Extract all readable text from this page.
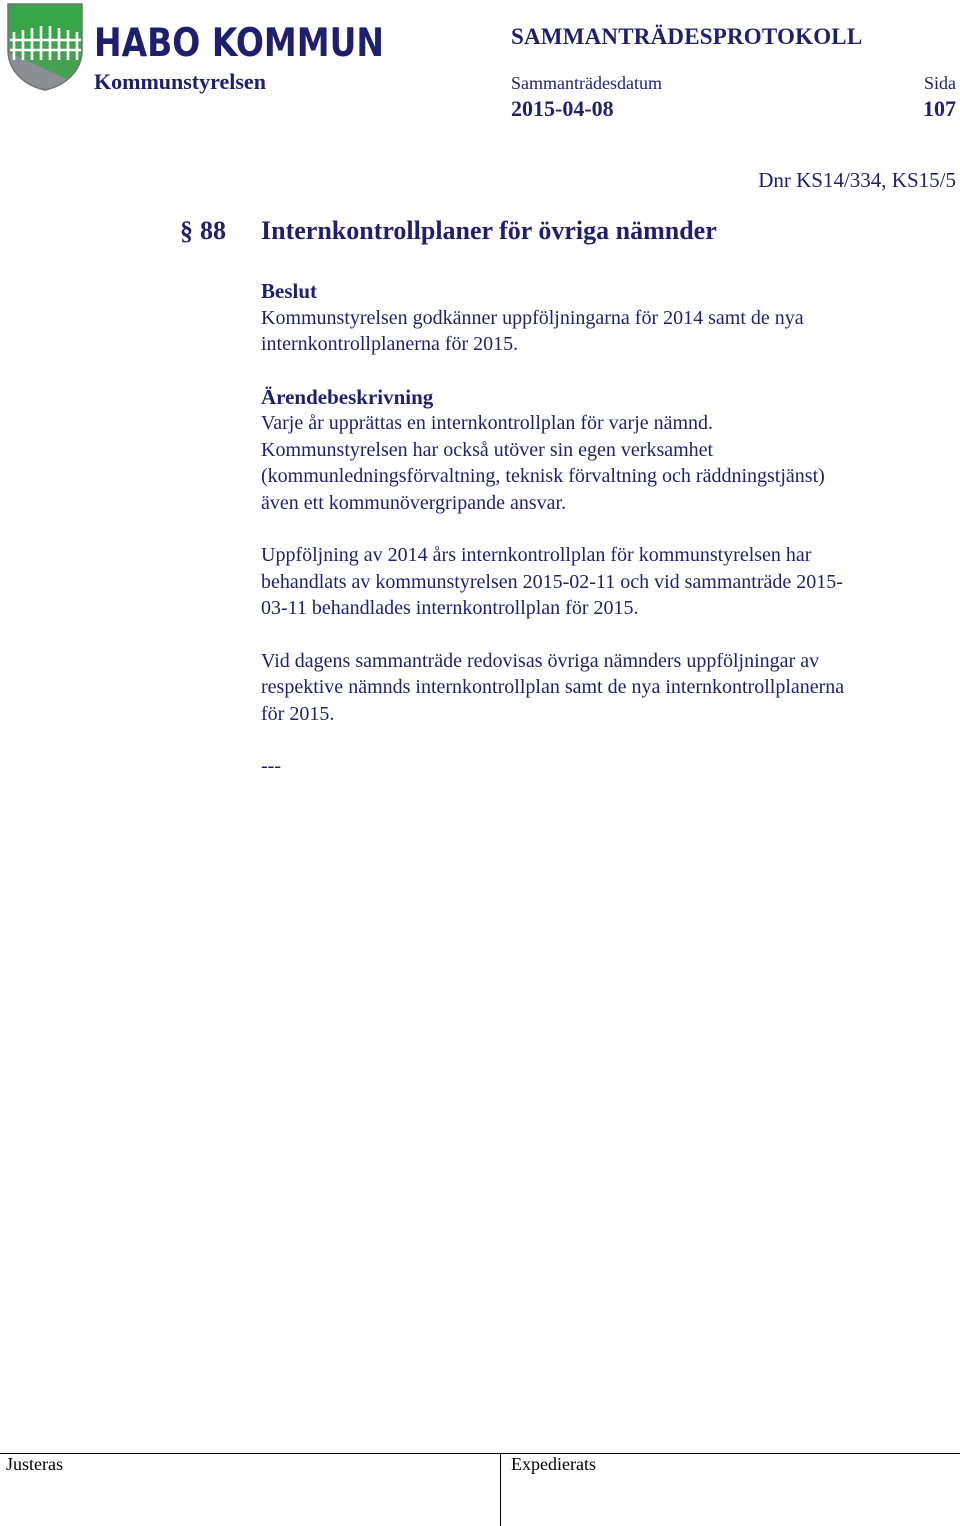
HABO KOMMUN	SAMMANTRÄDESPROTOKOLL
Kommunstyrelsen	Sammanträdesdatum	Sida
2015-04-08	107
Dnr KS14/334, KS15/5
§ 88 Internkontrollplaner för övriga nämnder

Beslut

Kommunstyrelsen godkänner uppföljningarna för 2014 samt de nya
internkontrollplanerna för 2015.

Ärendebeskrivning

Varje år upprättas en internkontrollplan för varje nämnd.
Kommunstyrelsen har också utöver sin egen verksamhet
(kommunledningsförvaltning, teknisk förvaltning och räddningstjänst)
även ett kommunövergripande ansvar.

Uppföljning av 2014 års internkontrollplan för kommunstyrelsen har
behandlats av kommunstyrelsen 2015-02-11 och vid sammanträde 2015-
03-11 behandlades internkontrollplan för 2015.

Vid dagens sammanträde redovisas övriga nämnders uppföljningar av
respektive nämnds internkontrollplan samt de nya internkontrollplanerna
för 2015.

---

Justeras	Expedierats
